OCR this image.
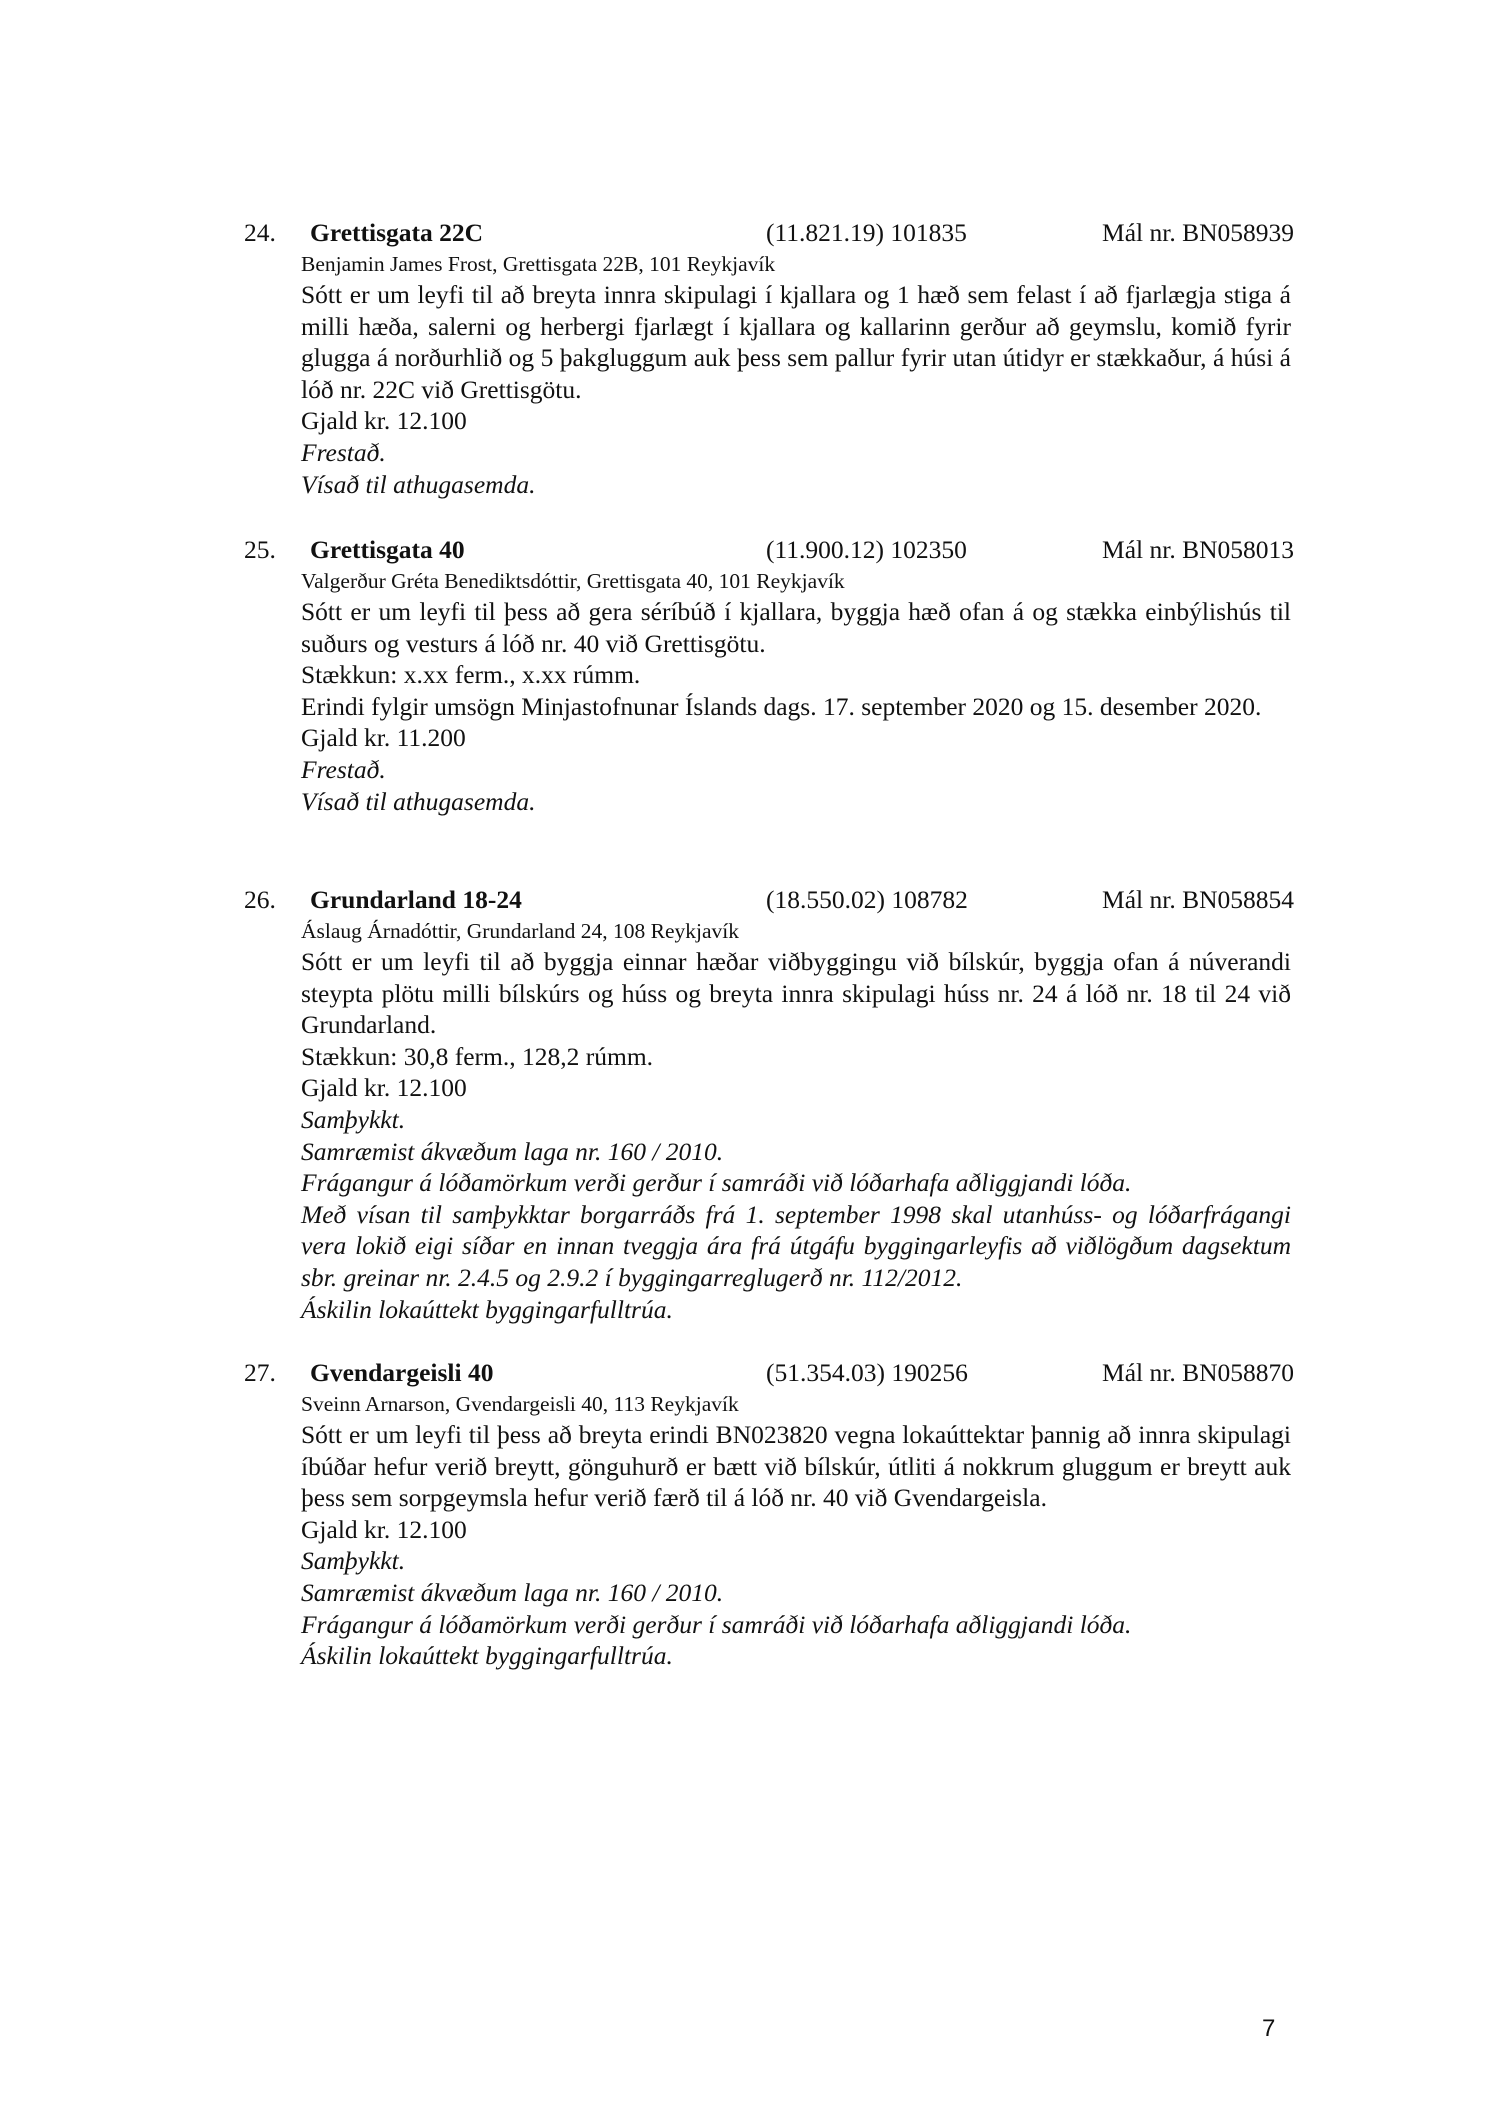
24. Grettisgata 22C	(11.821.19) 101835	Mál nr. BN058939
Benjamin James Frost, Grettisgata 22B, 101 Reykjavík
Sótt er um leyfi til að breyta innra skipulagi í kjallara og 1 hæð sem felast í að fjarlægja stiga á milli hæða, salerni og herbergi fjarlægt í kjallara og kallarinn gerður að geymslu, komið fyrir glugga á norðurhlið og 5 þakgluggum auk þess sem pallur fyrir utan útidyr er stækkaður, á húsi á lóð nr. 22C við Grettisgötu.
Gjald kr. 12.100
Frestað.
Vísað til athugasemda.
25. Grettisgata 40	(11.900.12) 102350	Mál nr. BN058013
Valgerður Gréta Benediktsdóttir, Grettisgata 40, 101 Reykjavík
Sótt er um leyfi til þess að gera séríbúð í kjallara, byggja hæð ofan á og stækka einbýlishús til suðurs og vesturs á lóð nr. 40 við Grettisgötu.
Stækkun: x.xx ferm., x.xx rúmm.
Erindi fylgir umsögn Minjastofnunar Íslands dags. 17. september 2020 og 15. desember 2020.
Gjald kr. 11.200
Frestað.
Vísað til athugasemda.
26. Grundarland 18-24	(18.550.02) 108782	Mál nr. BN058854
Áslaug Árnadóttir, Grundarland 24, 108 Reykjavík
Sótt er um leyfi til að byggja einnar hæðar viðbyggingu við bílskúr, byggja ofan á núverandi steypta plötu milli bílskúrs og húss og breyta innra skipulagi húss nr. 24 á lóð nr. 18 til 24 við Grundarland.
Stækkun: 30,8 ferm., 128,2 rúmm.
Gjald kr. 12.100
Samþykkt.
Samræmist ákvæðum laga nr. 160 / 2010.
Frágangur á lóðamörkum verði gerður í samráði við lóðarhafa aðliggjandi lóða.
Með vísan til samþykktar borgarráðs frá 1. september 1998 skal utanhúss- og lóðarfrágangi vera lokið eigi síðar en innan tveggja ára frá útgáfu byggingarleyfis að viðlögðum dagsektum sbr. greinar nr. 2.4.5 og 2.9.2 í byggingarreglugerð nr. 112/2012.
Áskilin lokaúttekt byggingarfulltrúa.
27. Gvendargeisli 40	(51.354.03) 190256	Mál nr. BN058870
Sveinn Arnarson, Gvendargeisli 40, 113 Reykjavík
Sótt er um leyfi til þess að breyta erindi BN023820 vegna lokaúttektar þannig að innra skipulagi íbúðar hefur verið breytt, gönguhurð er bætt við bílskúr, útliti á nokkrum gluggum er breytt auk þess sem sorpgeymsla hefur verið færð til á lóð nr. 40 við Gvendargeisla.
Gjald kr. 12.100
Samþykkt.
Samræmist ákvæðum laga nr. 160 / 2010.
Frágangur á lóðamörkum verði gerður í samráði við lóðarhafa aðliggjandi lóða.
Áskilin lokaúttekt byggingarfulltrúa.
7
